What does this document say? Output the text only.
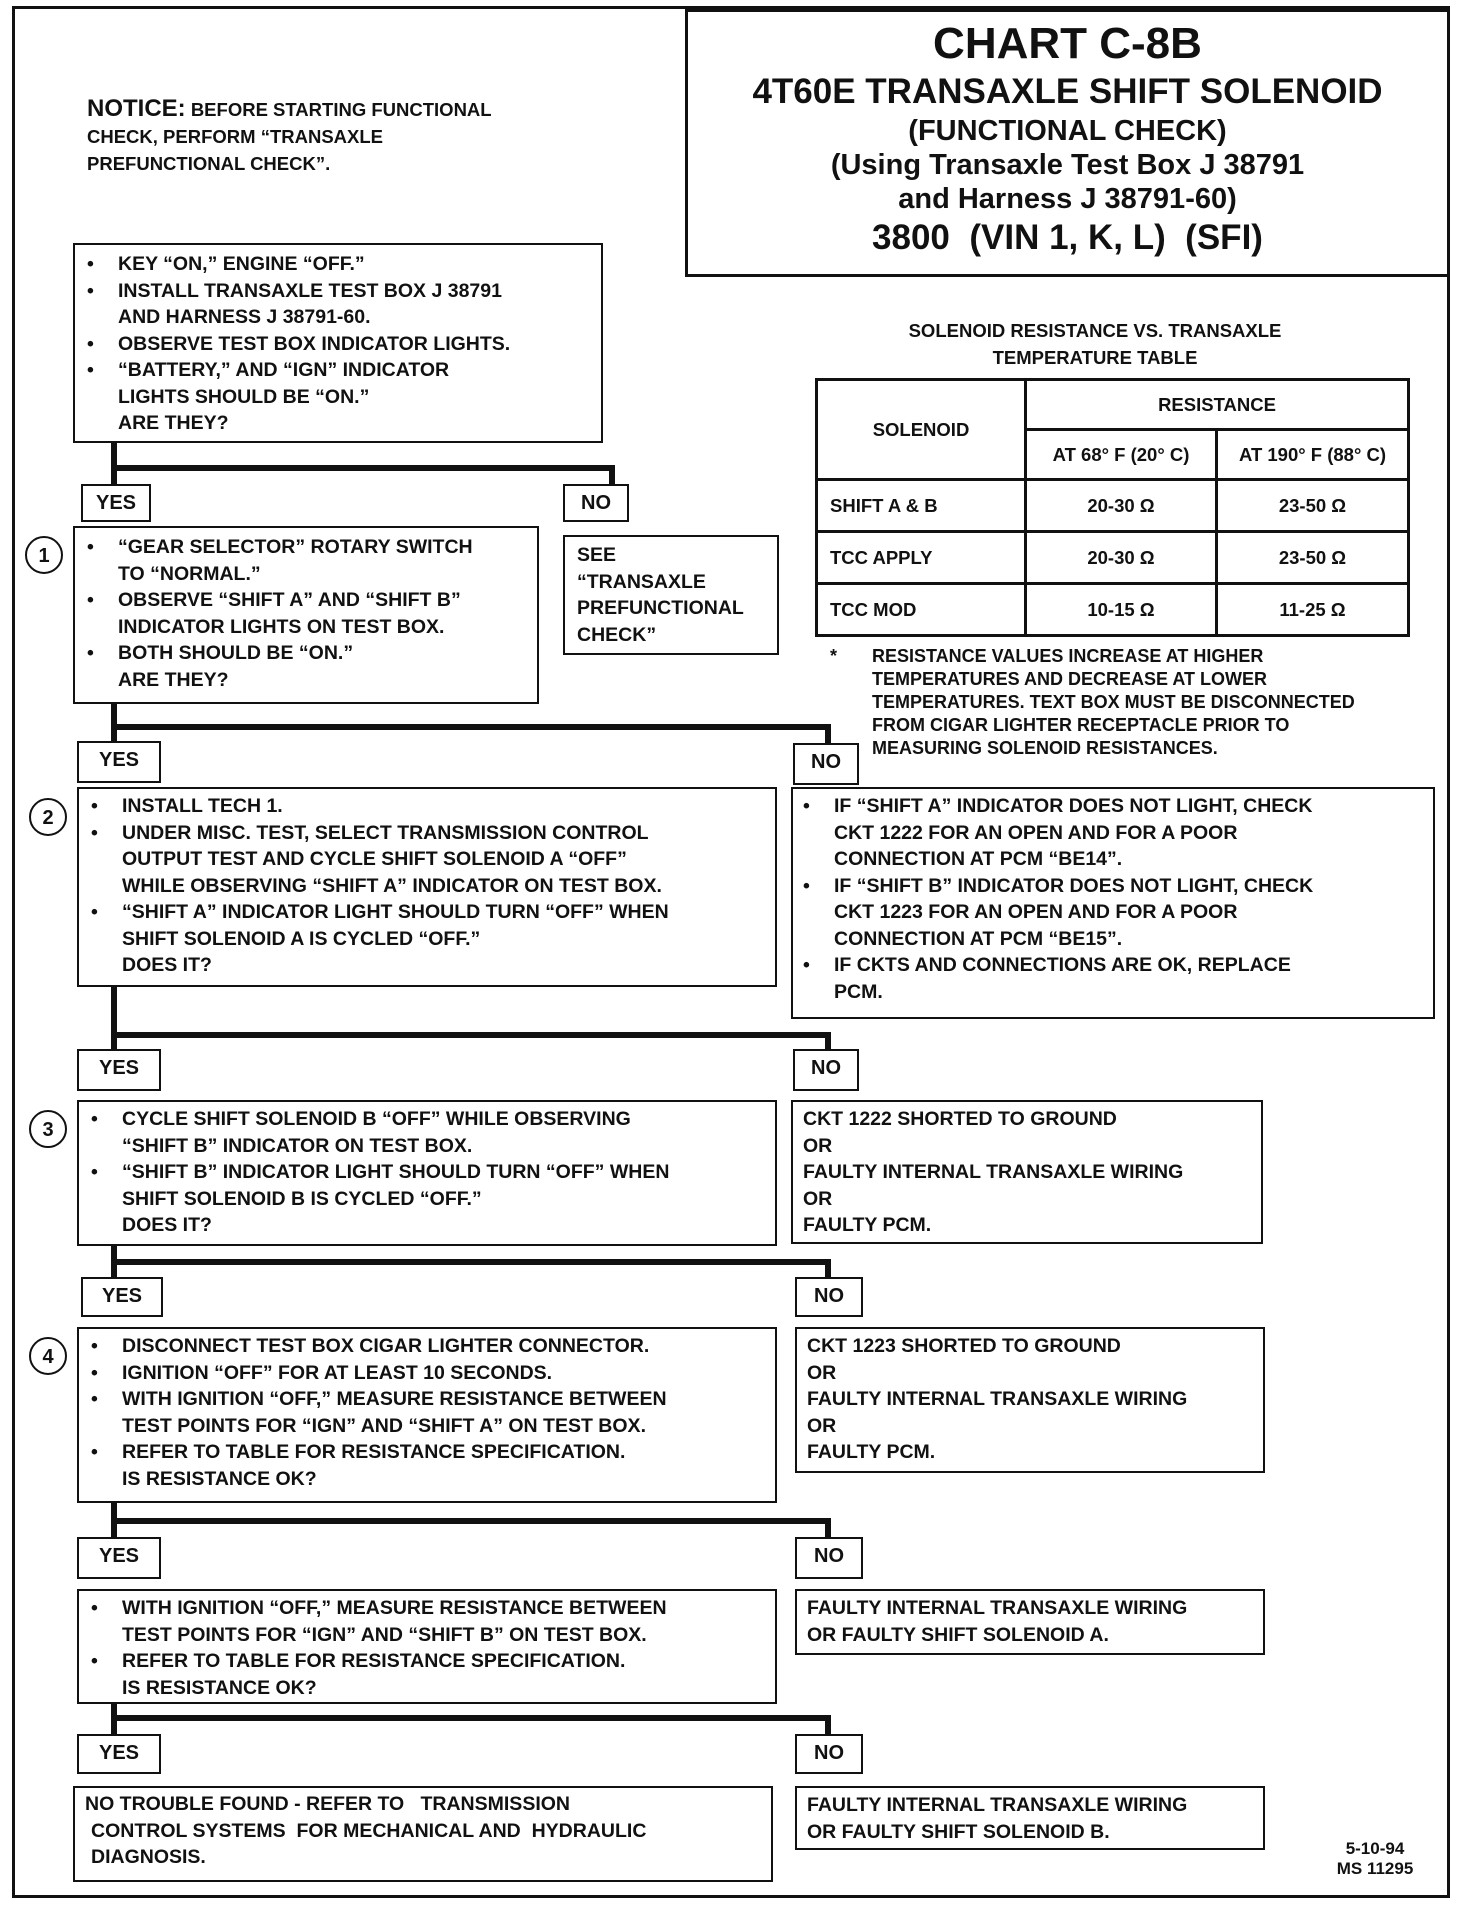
CHART C-8B
4T60E TRANSAXLE SHIFT SOLENOID
(FUNCTIONAL CHECK)
(Using Transaxle Test Box J 38791
and Harness J 38791-60)
3800  (VIN 1, K, L)  (SFI)
NOTICE: BEFORE STARTING FUNCTIONAL
CHECK, PERFORM “TRANSAXLE
PREFUNCTIONAL CHECK”.
SOLENOID RESISTANCE VS. TRANSAXLE
TEMPERATURE TABLE
SOLENOID	RESISTANCE	
	AT 68° F (20° C)	AT 190° F (88° C)
SHIFT A & B	20-30 Ω	23-50 Ω
TCC APPLY	20-30 Ω	23-50 Ω
TCC MOD	10-15 Ω	11-25 Ω
* RESISTANCE VALUES INCREASE AT HIGHER
TEMPERATURES AND DECREASE AT LOWER
TEMPERATURES. TEXT BOX MUST BE DISCONNECTED
FROM CIGAR LIGHTER RECEPTACLE PRIOR TO
MEASURING SOLENOID RESISTANCES.
• KEY “ON,” ENGINE “OFF.”
• INSTALL TRANSAXLE TEST BOX J 38791
AND HARNESS J 38791-60.
• OBSERVE TEST BOX INDICATOR LIGHTS.
• “BATTERY,” AND “IGN” INDICATOR
LIGHTS SHOULD BE “ON.”
ARE THEY?
YES	NO
SEE
“TRANSAXLE
PREFUNCTIONAL
CHECK”
1	• “GEAR SELECTOR” ROTARY SWITCH
TO “NORMAL.”
• OBSERVE “SHIFT A” AND “SHIFT B”
INDICATOR LIGHTS ON TEST BOX.
• BOTH SHOULD BE “ON.”
ARE THEY?
YES	NO
2
• INSTALL TECH 1.
• UNDER MISC. TEST, SELECT TRANSMISSION CONTROL
OUTPUT TEST AND CYCLE SHIFT SOLENOID A “OFF”
WHILE OBSERVING “SHIFT A” INDICATOR ON TEST BOX.
• “SHIFT A” INDICATOR LIGHT SHOULD TURN “OFF” WHEN
SHIFT SOLENOID A IS CYCLED “OFF.”
DOES IT?
• IF “SHIFT A” INDICATOR DOES NOT LIGHT, CHECK
CKT 1222 FOR AN OPEN AND FOR A POOR
CONNECTION AT PCM “BE14”.
• IF “SHIFT B” INDICATOR DOES NOT LIGHT, CHECK
CKT 1223 FOR AN OPEN AND FOR A POOR
CONNECTION AT PCM “BE15”.
• IF CKTS AND CONNECTIONS ARE OK, REPLACE
PCM.
YES	NO
3	• CYCLE SHIFT SOLENOID B “OFF” WHILE OBSERVING
“SHIFT B” INDICATOR ON TEST BOX.
• “SHIFT B” INDICATOR LIGHT SHOULD TURN “OFF” WHEN
SHIFT SOLENOID B IS CYCLED “OFF.”
DOES IT?
CKT 1222 SHORTED TO GROUND
OR
FAULTY INTERNAL TRANSAXLE WIRING
OR
FAULTY PCM.
YES	NO
4	• DISCONNECT TEST BOX CIGAR LIGHTER CONNECTOR.
• IGNITION “OFF” FOR AT LEAST 10 SECONDS.
• WITH IGNITION “OFF,” MEASURE RESISTANCE BETWEEN
TEST POINTS FOR “IGN” AND “SHIFT A” ON TEST BOX.
• REFER TO TABLE FOR RESISTANCE SPECIFICATION.
IS RESISTANCE OK?
CKT 1223 SHORTED TO GROUND
OR
FAULTY INTERNAL TRANSAXLE WIRING
OR
FAULTY PCM.
YES	NO
• WITH IGNITION “OFF,” MEASURE RESISTANCE BETWEEN
TEST POINTS FOR “IGN” AND “SHIFT B” ON TEST BOX.
• REFER TO TABLE FOR RESISTANCE SPECIFICATION.
IS RESISTANCE OK?
FAULTY INTERNAL TRANSAXLE WIRING
OR FAULTY SHIFT SOLENOID A.
YES	NO
NO TROUBLE FOUND - REFER TO TRANSMISSION
CONTROL SYSTEMS  FOR MECHANICAL AND  HYDRAULIC
DIAGNOSIS.
FAULTY INTERNAL TRANSAXLE WIRING
OR FAULTY SHIFT SOLENOID B.
5-10-94
MS 11295
